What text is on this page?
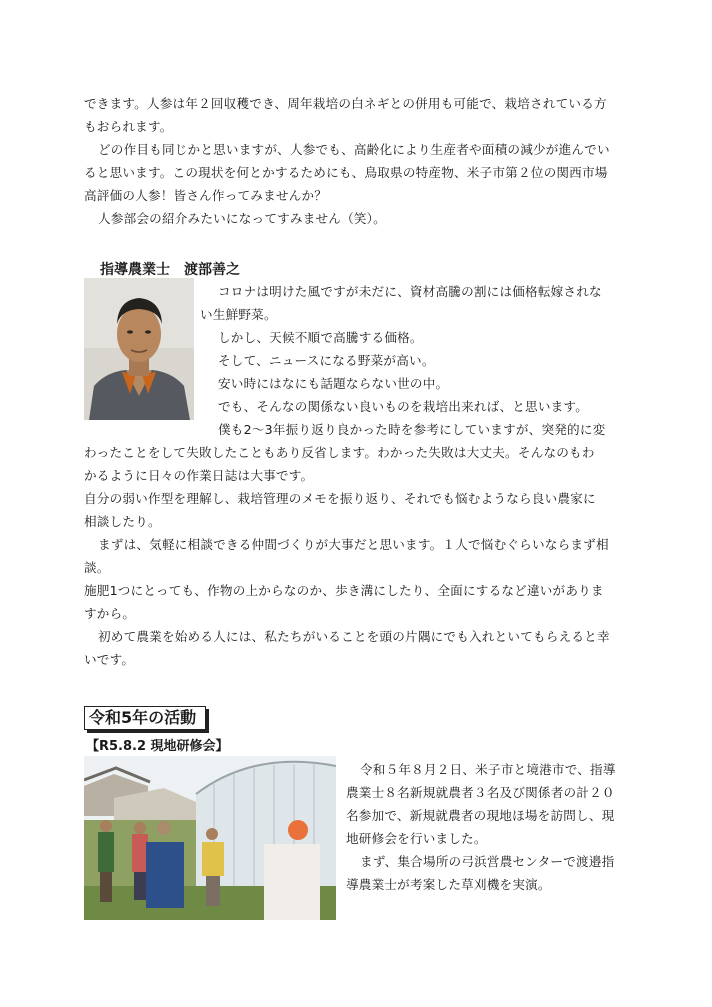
できます。人参は年２回収穫でき、周年栽培の白ネギとの併用も可能で、栽培されている方
もおられます。
どの作目も同じかと思いますが、人参でも、高齢化により生産者や面積の減少が進んでい
ると思います。この現状を何とかするためにも、鳥取県の特産物、米子市第２位の関西市場
高評価の人参！皆さん作ってみませんか？
人参部会の紹介みたいになってすみません（笑）。
指導農業士　渡部善之
コロナは明けた風ですが未だに、資材高騰の割には価格転嫁されな
い生鮮野菜。
しかし、天候不順で高騰する価格。
そして、ニュースになる野菜が高い。
安い時にはなにも話題ならない世の中。
でも、そんなの関係ない良いものを栽培出来れば、と思います。
僕も2～3年振り返り良かった時を参考にしていますが、突発的に変
わったことをして失敗したこともあり反省します。わかった失敗は大丈夫。そんなのもわ
かるように日々の作業日誌は大事です。
自分の弱い作型を理解し、栽培管理のメモを振り返り、それでも悩むようなら良い農家に
相談したり。
まずは、気軽に相談できる仲間づくりが大事だと思います。１人で悩むぐらいならまず相
談。
施肥1つにとっても、作物の上からなのか、歩き溝にしたり、全面にするなど違いがありま
すから。
初めて農業を始める人には、私たちがいることを頭の片隅にでも入れといてもらえると幸
いです。
令和5年の活動
【R5.8.2 現地研修会】
令和５年８月２日、米子市と境港市で、指導
農業士８名新規就農者３名及び関係者の計２０
名参加で、新規就農者の現地ほ場を訪問し、現
地研修会を行いました。
まず、集合場所の弓浜営農センターで渡邉指
導農業士が考案した草刈機を実演。
